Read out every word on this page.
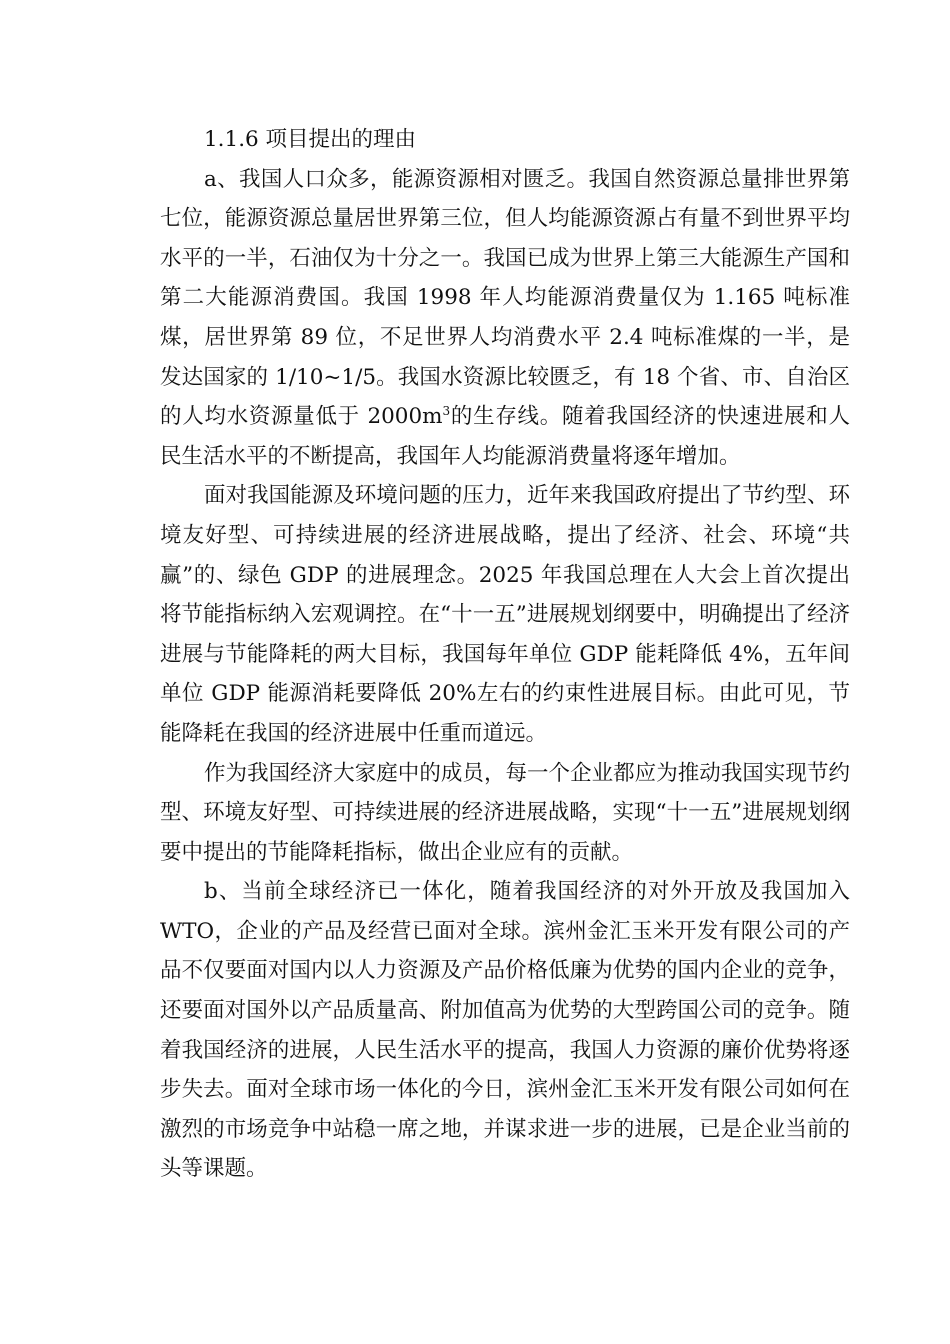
1.1.6 项目提出的理由

a、我国人口众多，能源资源相对匮乏。我国自然资源总量排世界第七位，能源资源总量居世界第三位，但人均能源资源占有量不到世界平均水平的一半，石油仅为十分之一。我国已成为世界上第三大能源生产国和第二大能源消费国。我国 1998 年人均能源消费量仅为 1.165 吨标准煤，居世界第 89 位，不足世界人均消费水平 2.4 吨标准煤的一半，是发达国家的 1/10~1/5。我国水资源比较匮乏，有 18 个省、市、自治区的人均水资源量低于 $2000m^3$的生存线。随着我国经济的快速进展和人民生活水平的不断提高，我国年人均能源消费量将逐年增加。

面对我国能源及环境问题的压力，近年来我国政府提出了节约型、环境友好型、可持续进展的经济进展战略，提出了经济、社会、环境“共赢”的、绿色 GDP 的进展理念。2025 年我国总理在人大会上首次提出将节能指标纳入宏观调控。在“十一五”进展规划纲要中，明确提出了经济进展与节能降耗的两大目标，我国每年单位 GDP 能耗降低 4%，五年间单位 GDP 能源消耗要降低 20%左右的约束性进展目标。由此可见，节能降耗在我国的经济进展中任重而道远。

作为我国经济大家庭中的成员，每一个企业都应为推动我国实现节约型、环境友好型、可持续进展的经济进展战略，实现“十一五”进展规划纲要中提出的节能降耗指标，做出企业应有的贡献。

b、当前全球经济已一体化，随着我国经济的对外开放及我国加入 WTO，企业的产品及经营已面对全球。滨州金汇玉米开发有限公司的产品不仅要面对国内以人力资源及产品价格低廉为优势的国内企业的竞争，还要面对国外以产品质量高、附加值高为优势的大型跨国公司的竞争。随着我国经济的进展，人民生活水平的提高，我国人力资源的廉价优势将逐步失去。面对全球市场一体化的今日，滨州金汇玉米开发有限公司如何在激烈的市场竞争中站稳一席之地，并谋求进一步的进展，已是企业当前的头等课题。
